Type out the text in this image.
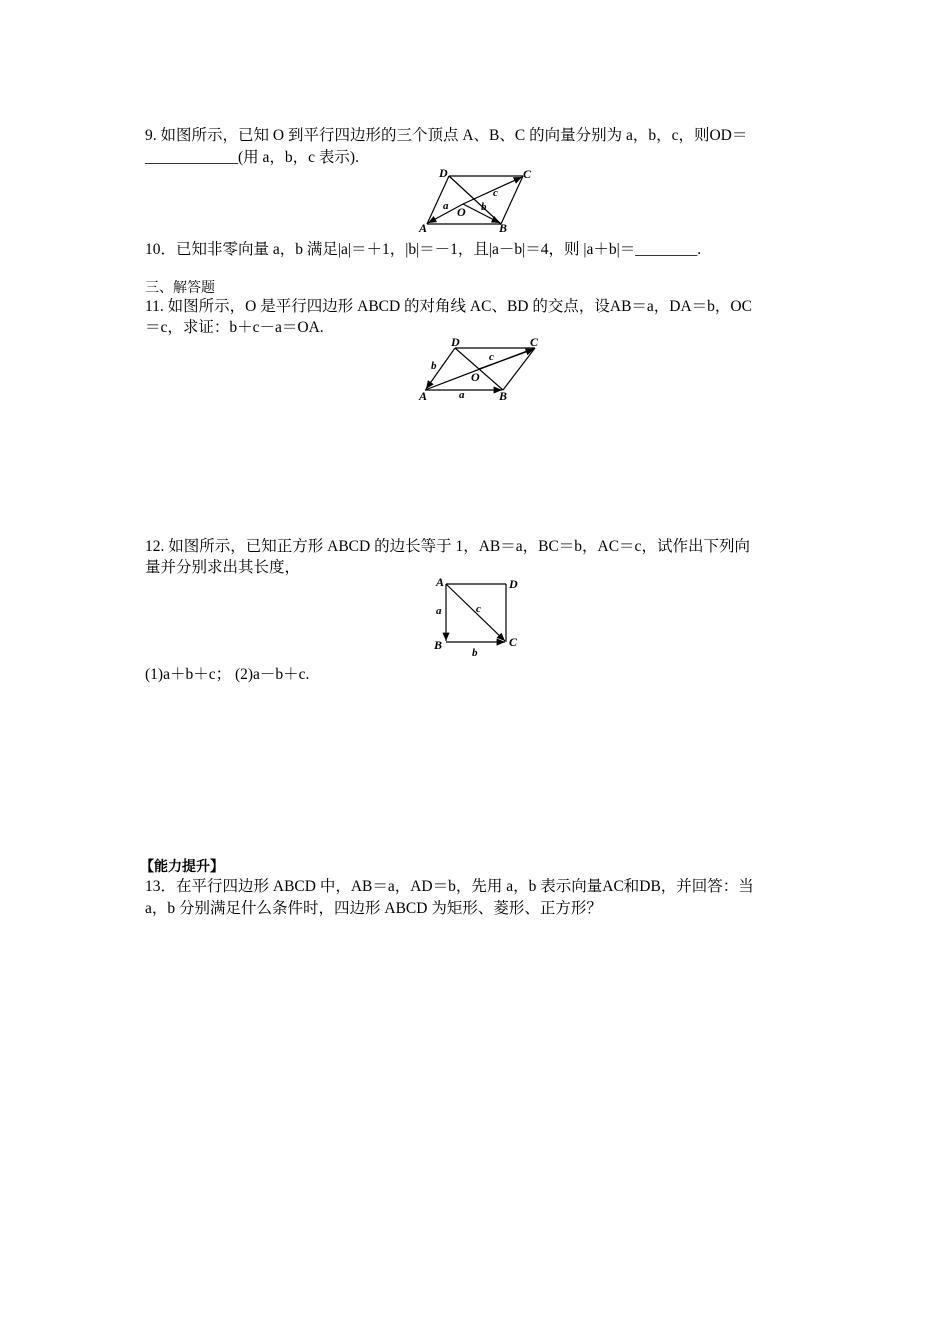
9. 如图所示，已知 O 到平行四边形的三个顶点 A、B、C 的向量分别为 a，b，c，则OD＝
____________(用 a，b，c 表示).
D	C
A	B
O
a	b
c
10．已知非零向量 a，b 满足|a|＝＋1，|b|＝－1，且|a－b|＝4，则 |a＋b|＝________.
三、解答题
11. 如图所示，O 是平行四边形 ABCD 的对角线 AC、BD 的交点，设AB＝a，DA＝b，OC
＝c，求证：b＋c－a＝OA.
D	C
A	B
O
a
b
c
12. 如图所示，已知正方形 ABCD 的边长等于 1，AB＝a，BC＝b，AC＝c，试作出下列向
量并分别求出其长度，
A	D
B	C
a
b
c
(1)a＋b＋c； (2)a－b＋c.
【能力提升】
13．在平行四边形 ABCD 中，AB＝a，AD＝b，先用 a，b 表示向量AC和DB，并回答：当
a，b 分别满足什么条件时，四边形 ABCD 为矩形、菱形、正方形？
